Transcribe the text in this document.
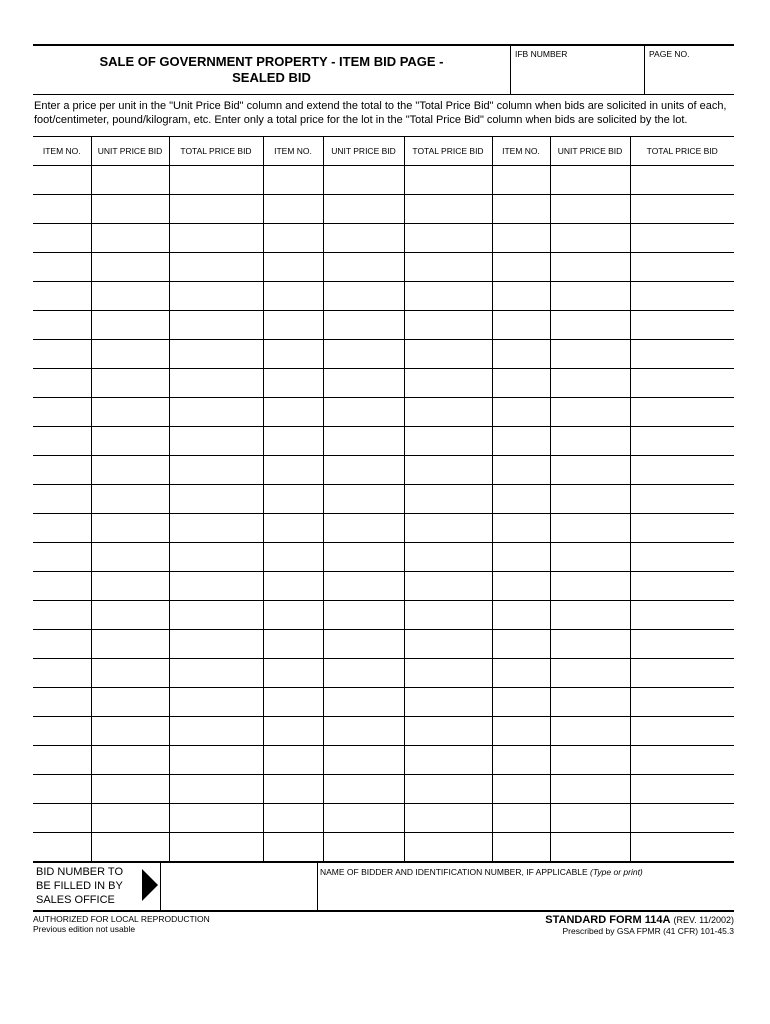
SALE OF GOVERNMENT PROPERTY - ITEM BID PAGE -
SEALED BID
IFB NUMBER	PAGE NO.
Enter a price per unit in the "Unit Price Bid" column and extend the total to the "Total Price Bid" column when bids are solicited in units of each, foot/centimeter, pound/kilogram, etc. Enter only a total price for the lot in the "Total Price Bid" column when bids are solicited by the lot.
ITEM NO.	UNIT PRICE BID	TOTAL PRICE BID	ITEM NO.	UNIT PRICE BID	TOTAL PRICE BID	ITEM NO.	UNIT PRICE BID	TOTAL PRICE BID

BID NUMBER TO BE FILLED IN BY SALES OFFICE
NAME OF BIDDER AND IDENTIFICATION NUMBER, IF APPLICABLE (Type or print)
AUTHORIZED FOR LOCAL REPRODUCTION
Previous edition not usable
STANDARD FORM 114A (REV. 11/2002)
Prescribed by GSA FPMR (41 CFR) 101-45.3
